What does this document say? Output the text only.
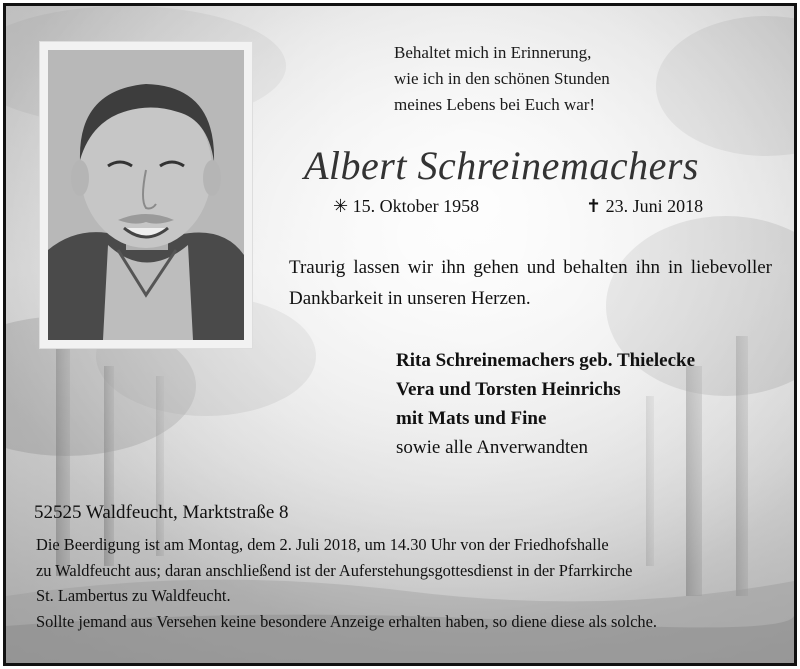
Behaltet mich in Erinnerung,
wie ich in den schönen Stunden
meines Lebens bei Euch war!
Albert Schreinemachers
✳ 15. Oktober 1958	✝ 23. Juni 2018
Traurig lassen wir ihn gehen und behalten ihn in liebevoller Dankbarkeit in unseren Herzen.
Rita Schreinemachers geb. Thielecke
Vera und Torsten Heinrichs
mit Mats und Fine
sowie alle Anverwandten
52525 Waldfeucht, Marktstraße 8
Die Beerdigung ist am Montag, dem 2. Juli 2018, um 14.30 Uhr von der Friedhofshalle
zu Waldfeucht aus; daran anschließend ist der Auferstehungsgottesdienst in der Pfarrkirche
St. Lambertus zu Waldfeucht.
Sollte jemand aus Versehen keine besondere Anzeige erhalten haben, so diene diese als solche.
